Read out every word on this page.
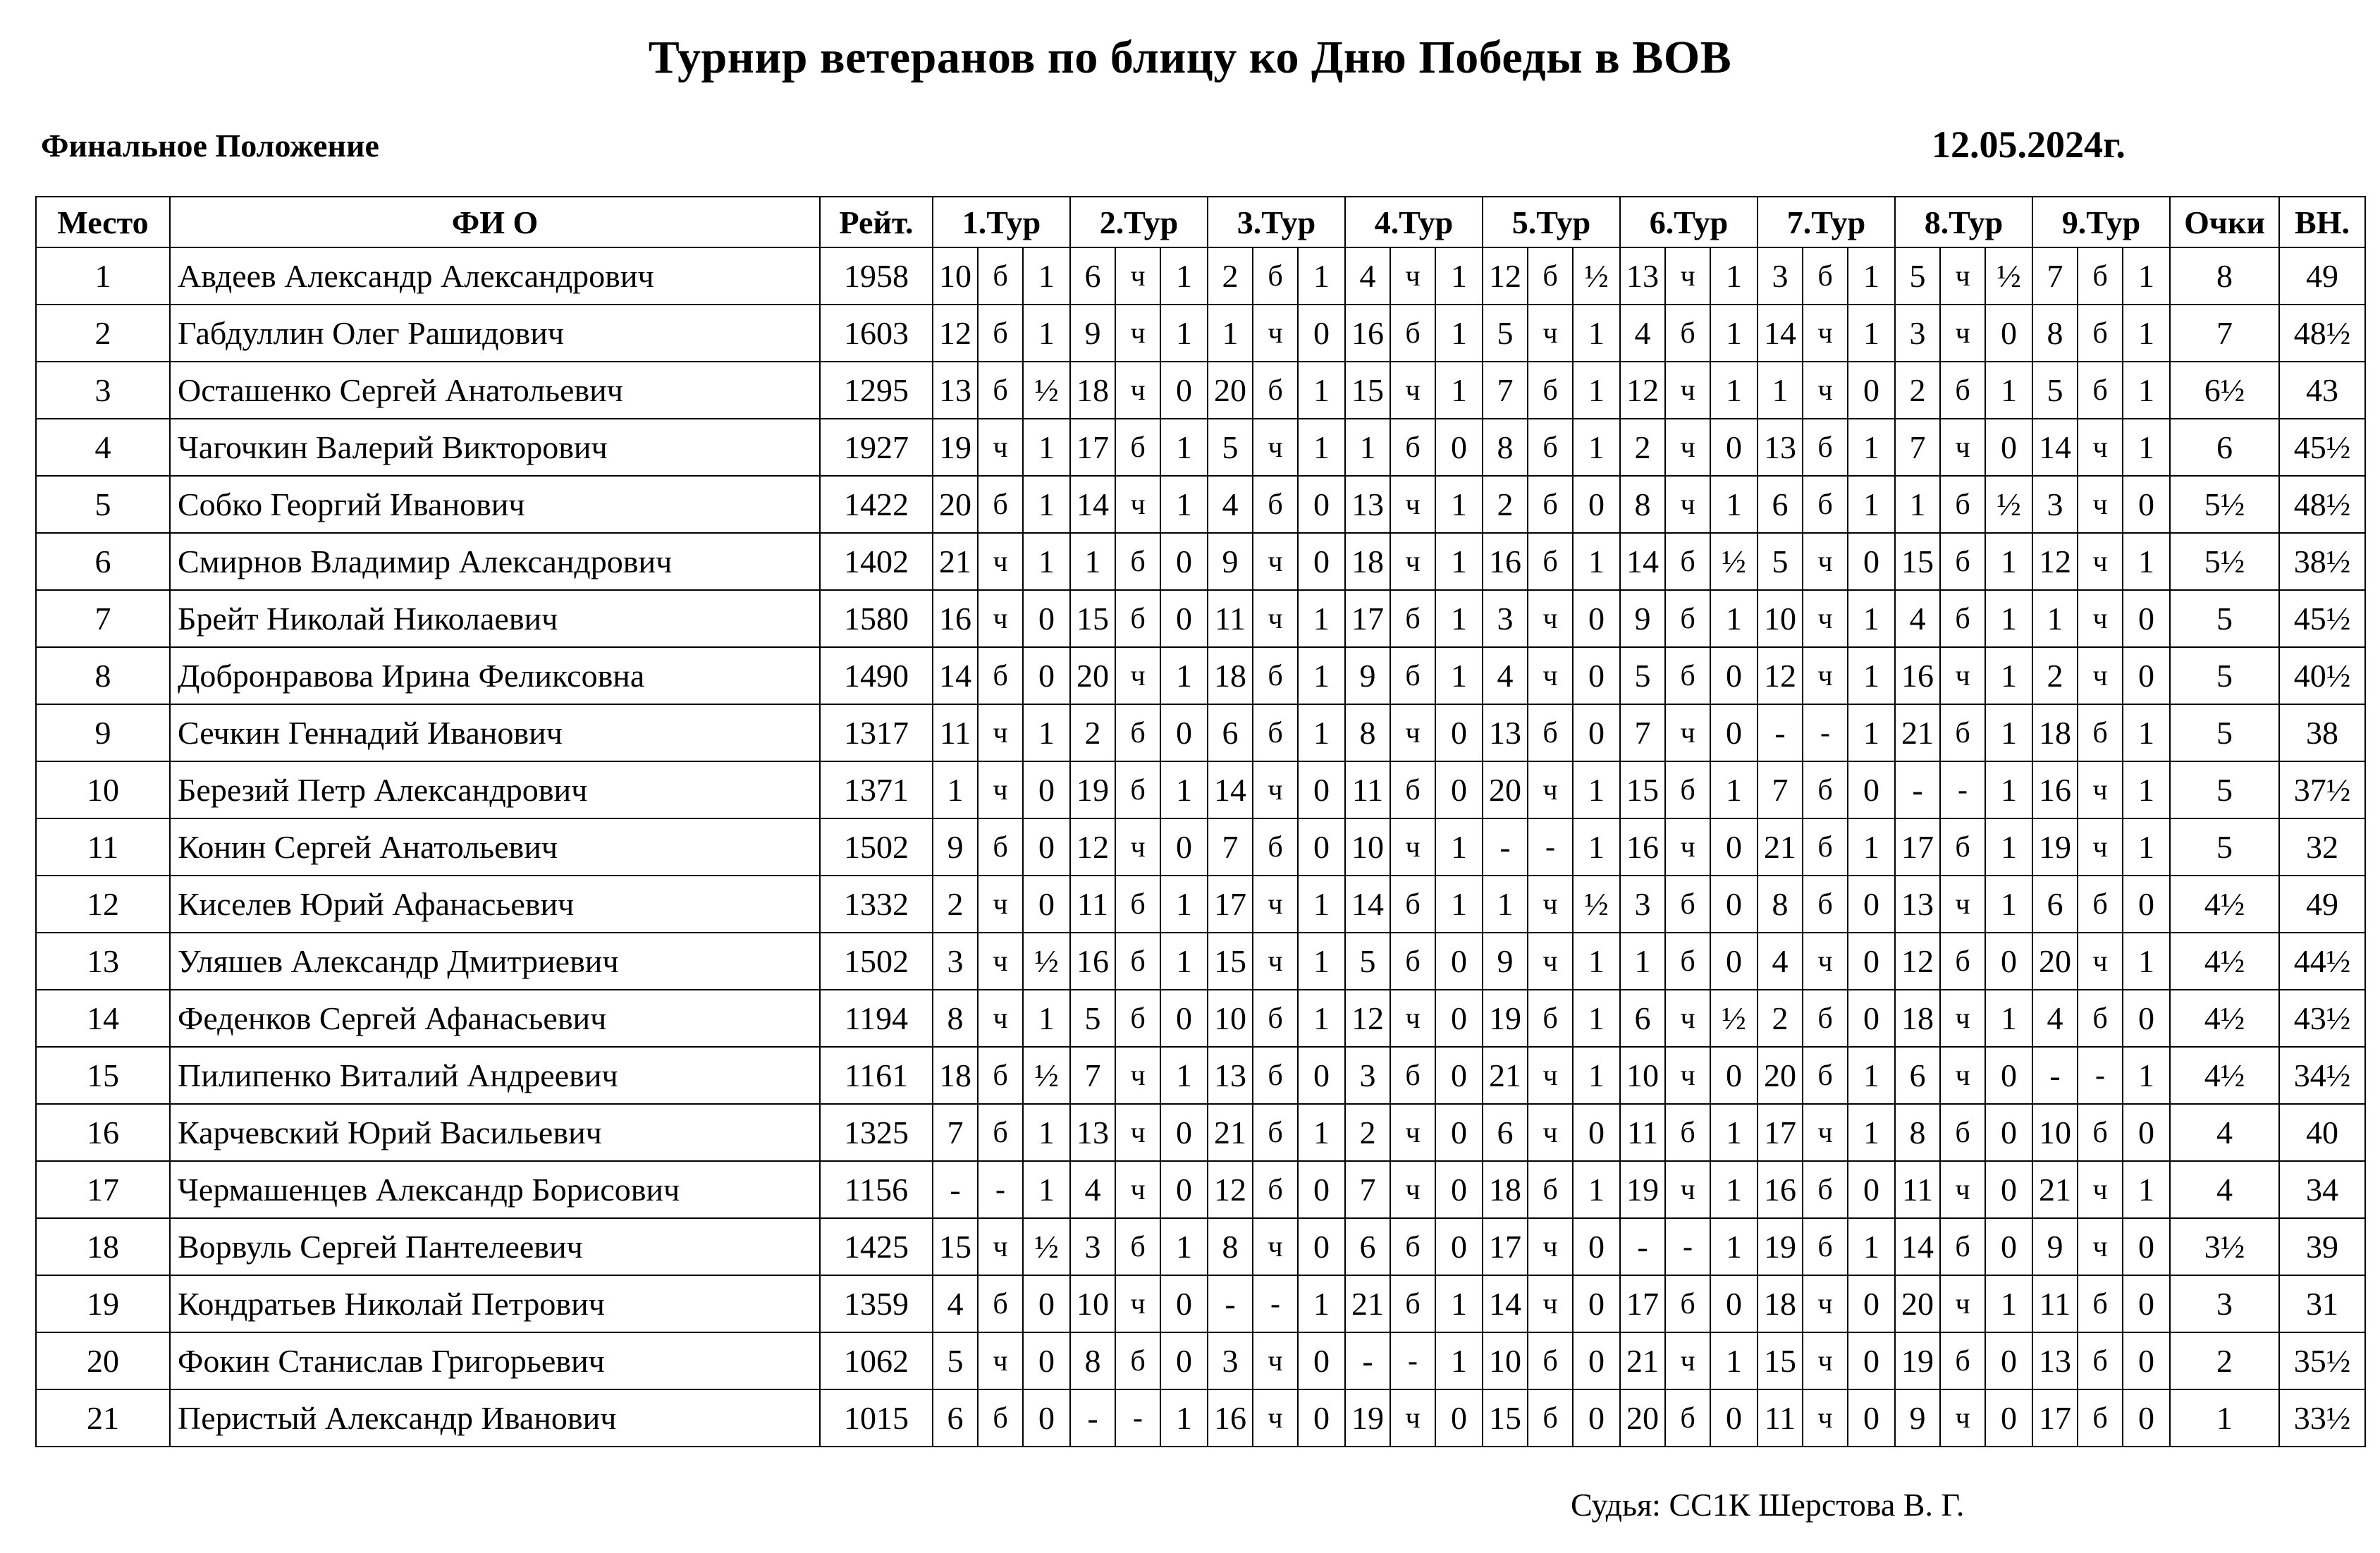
Турнир ветеранов по блицу ко Дню Победы в ВОВ
Финальное Положение	12.05.2024г.
Место	ФИ О	Рейт.	1.Тур			2.Тур			3.Тур			4.Тур			5.Тур			6.Тур			7.Тур			8.Тур			9.Тур			Очки	ВН.
1	Авдеев Александр Александрович	1958	10	б	1	6	ч	1	2	б	1	4	ч	1	12	б	½	13	ч	1	3	б	1	5	ч	½	7	б	1	8	49
2	Габдуллин Олег Рашидович	1603	12	б	1	9	ч	1	1	ч	0	16	б	1	5	ч	1	4	б	1	14	ч	1	3	ч	0	8	б	1	7	48½
3	Осташенко Сергей Анатольевич	1295	13	б	½	18	ч	0	20	б	1	15	ч	1	7	б	1	12	ч	1	1	ч	0	2	б	1	5	б	1	6½	43
4	Чагочкин Валерий Викторович	1927	19	ч	1	17	б	1	5	ч	1	1	б	0	8	б	1	2	ч	0	13	б	1	7	ч	0	14	ч	1	6	45½
5	Собко Георгий Иванович	1422	20	б	1	14	ч	1	4	б	0	13	ч	1	2	б	0	8	ч	1	6	б	1	1	б	½	3	ч	0	5½	48½
6	Смирнов Владимир Александрович	1402	21	ч	1	1	б	0	9	ч	0	18	ч	1	16	б	1	14	б	½	5	ч	0	15	б	1	12	ч	1	5½	38½
7	Брейт Николай Николаевич	1580	16	ч	0	15	б	0	11	ч	1	17	б	1	3	ч	0	9	б	1	10	ч	1	4	б	1	1	ч	0	5	45½
8	Добронравова Ирина Феликсовна	1490	14	б	0	20	ч	1	18	б	1	9	б	1	4	ч	0	5	б	0	12	ч	1	16	ч	1	2	ч	0	5	40½
9	Сечкин Геннадий Иванович	1317	11	ч	1	2	б	0	6	б	1	8	ч	0	13	б	0	7	ч	0	-	-	1	21	б	1	18	б	1	5	38
10	Березий Петр Александрович	1371	1	ч	0	19	б	1	14	ч	0	11	б	0	20	ч	1	15	б	1	7	б	0	-	-	1	16	ч	1	5	37½
11	Конин Сергей Анатольевич	1502	9	б	0	12	ч	0	7	б	0	10	ч	1	-	-	1	16	ч	0	21	б	1	17	б	1	19	ч	1	5	32
12	Киселев Юрий Афанасьевич	1332	2	ч	0	11	б	1	17	ч	1	14	б	1	1	ч	½	3	б	0	8	б	0	13	ч	1	6	б	0	4½	49
13	Уляшев Александр Дмитриевич	1502	3	ч	½	16	б	1	15	ч	1	5	б	0	9	ч	1	1	б	0	4	ч	0	12	б	0	20	ч	1	4½	44½
14	Феденков Сергей Афанасьевич	1194	8	ч	1	5	б	0	10	б	1	12	ч	0	19	б	1	6	ч	½	2	б	0	18	ч	1	4	б	0	4½	43½
15	Пилипенко Виталий Андреевич	1161	18	б	½	7	ч	1	13	б	0	3	б	0	21	ч	1	10	ч	0	20	б	1	6	ч	0	-	-	1	4½	34½
16	Карчевский Юрий Васильевич	1325	7	б	1	13	ч	0	21	б	1	2	ч	0	6	ч	0	11	б	1	17	ч	1	8	б	0	10	б	0	4	40
17	Чермашенцев Александр Борисович	1156	-	-	1	4	ч	0	12	б	0	7	ч	0	18	б	1	19	ч	1	16	б	0	11	ч	0	21	ч	1	4	34
18	Ворвуль Сергей Пантелеевич	1425	15	ч	½	3	б	1	8	ч	0	6	б	0	17	ч	0	-	-	1	19	б	1	14	б	0	9	ч	0	3½	39
19	Кондратьев Николай Петрович	1359	4	б	0	10	ч	0	-	-	1	21	б	1	14	ч	0	17	б	0	18	ч	0	20	ч	1	11	б	0	3	31
20	Фокин Станислав Григорьевич	1062	5	ч	0	8	б	0	3	ч	0	-	-	1	10	б	0	21	ч	1	15	ч	0	19	б	0	13	б	0	2	35½
21	Перистый Александр Иванович	1015	6	б	0	-	-	1	16	ч	0	19	ч	0	15	б	0	20	б	0	11	ч	0	9	ч	0	17	б	0	1	33½
Судья: СС1К Шерстова В. Г.
